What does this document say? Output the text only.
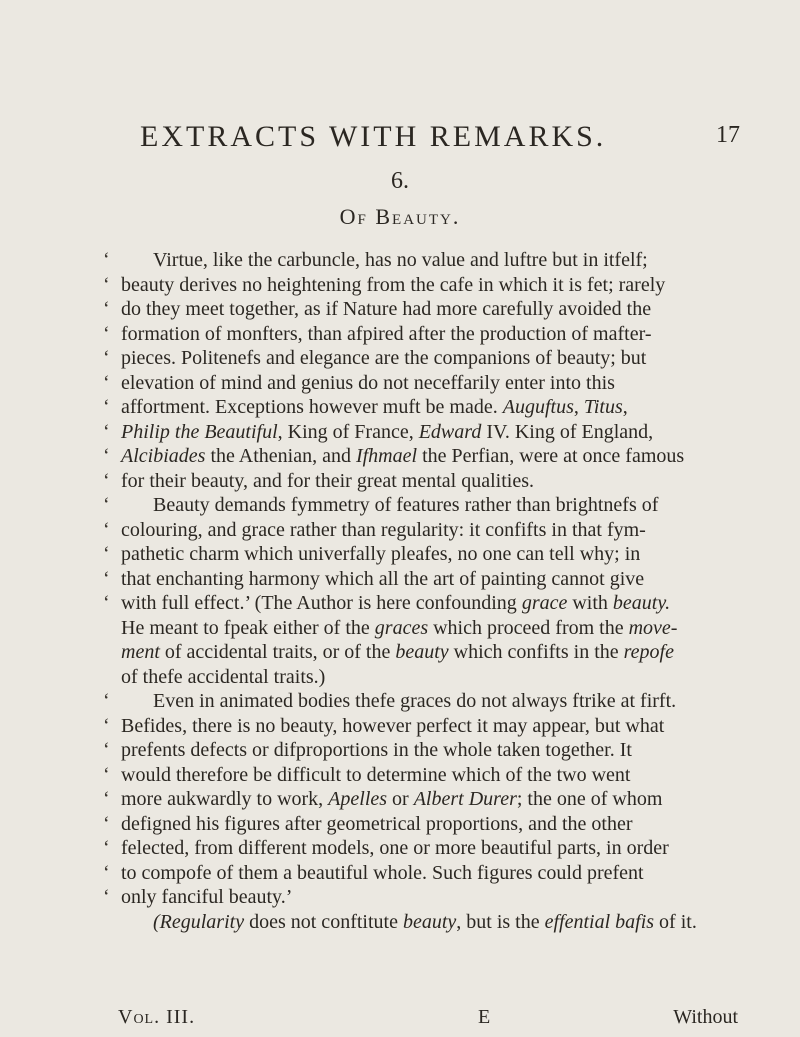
EXTRACTS WITH REMARKS.	17
6.
Of Beauty.
‘ Virtue, like the carbuncle, has no value and luftre but in itfelf;
‘ beauty derives no heightening from the cafe in which it is fet; rarely
‘ do they meet together, as if Nature had more carefully avoided the
‘ formation of monfters, than afpired after the production of mafter-
‘ pieces. Politenefs and elegance are the companions of beauty; but
‘ elevation of mind and genius do not neceffarily enter into this
‘ affortment. Exceptions however muft be made. Auguftus, Titus,
‘ Philip the Beautiful, King of France, Edward IV. King of England,
‘ Alcibiades the Athenian, and Ifhmael the Perfian, were at once famous
‘ for their beauty, and for their great mental qualities.
‘ Beauty demands fymmetry of features rather than brightnefs of
‘ colouring, and grace rather than regularity: it confifts in that fym-
‘ pathetic charm which univerfally pleafes, no one can tell why; in
‘ that enchanting harmony which all the art of painting cannot give
‘ with full effect.’ (The Author is here confounding grace with beauty.
He meant to fpeak either of the graces which proceed from the move-
ment of accidental traits, or of the beauty which confifts in the repofe
of thefe accidental traits.)
‘ Even in animated bodies thefe graces do not always ftrike at firft.
‘ Befides, there is no beauty, however perfect it may appear, but what
‘ prefents defects or difproportions in the whole taken together. It
‘ would therefore be difficult to determine which of the two went
‘ more aukwardly to work, Apelles or Albert Durer; the one of whom
‘ defigned his figures after geometrical proportions, and the other
‘ felected, from different models, one or more beautiful parts, in order
‘ to compofe of them a beautiful whole. Such figures could prefent
‘ only fanciful beauty.’
(Regularity does not conftitute beauty, but is the effential bafis of it.
Vol. III.	E	Without
